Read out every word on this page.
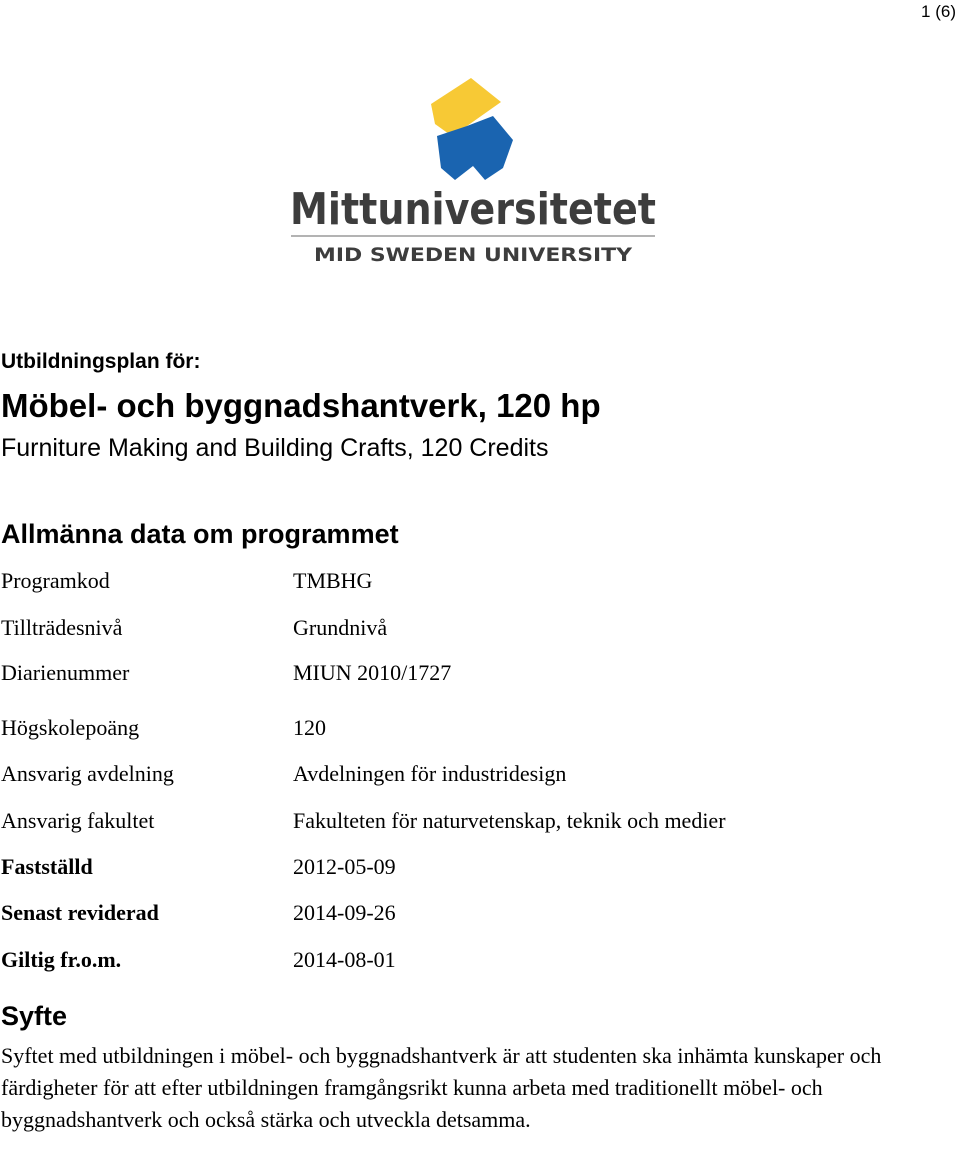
1 (6)
Mittuniversitetet
MID SWEDEN UNIVERSITY
Utbildningsplan för:
Möbel- och byggnadshantverk, 120 hp
Furniture Making and Building Crafts, 120 Credits
Allmänna data om programmet
Programkod	TMBHG
Tillträdesnivå	Grundnivå
Diarienummer	MIUN 2010/1727
Högskolepoäng	120
Ansvarig avdelning	Avdelningen för industridesign
Ansvarig fakultet	Fakulteten för naturvetenskap, teknik och medier
Fastställd	2012-05-09
Senast reviderad	2014-09-26
Giltig fr.o.m.	2014-08-01
Syfte

Syftet med utbildningen i möbel- och byggnadshantverk är att studenten ska inhämta kunskaper och färdigheter för att efter utbildningen framgångsrikt kunna arbeta med traditionellt möbel- och byggnadshantverk och också stärka och utveckla detsamma.
